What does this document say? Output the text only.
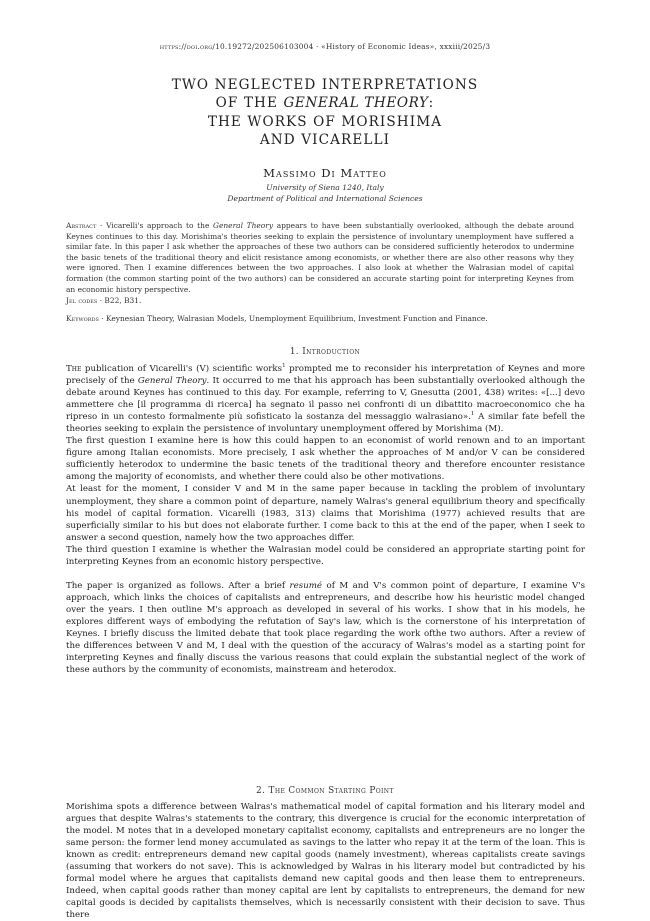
https://doi.org/10.19272/202506103004 · «History of Economic Ideas», xxxiii/2025/3
TWO NEGLECTED INTERPRETATIONS
OF THE GENERAL THEORY:
THE WORKS OF MORISHIMA
AND VICARELLI
Massimo Di Matteo
University of Siena 1240, Italy
Department of Political and International Sciences
Abstract · Vicarelli's approach to the General Theory appears to have been substantially overlooked, although the debate around Keynes continues to this day. Morishima's theories seeking to explain the persistence of involuntary unemployment have suffered a similar fate. In this paper I ask whether the approaches of these two authors can be considered sufficiently heterodox to undermine the basic tenets of the traditional theory and elicit resistance among economists, or whether there are also other reasons why they were ignored. Then I examine differences between the two approaches. I also look at whether the Walrasian model of capital formation (the common starting point of the two authors) can be considered an accurate starting point for interpreting Keynes from an economic history perspective.
Jel codes · B22, B31.
Keywords · Keynesian Theory, Walrasian Models, Unemployment Equilibrium, Investment Function and Finance.
1. Introduction

The publication of Vicarelli's (V) scientific works$^1$ prompted me to reconsider his interpretation of Keynes and more precisely of the General Theory. It occurred to me that his approach has been substantially overlooked although the debate around Keynes has continued to this day. For example, referring to V, Gnesutta (2001, 438) writes: «[...] devo ammettere che [il programma di ricerca] ha segnato il passo nei confronti di un dibattito macroeconomico che ha ripreso in un contesto formalmente più sofisticato la sostanza del messaggio walrasiano».$^1$ A similar fate befell the theories seeking to explain the persistence of involuntary unemployment offered by Morishima (M).

The first question I examine here is how this could happen to an economist of world renown and to an important figure among Italian economists. More precisely, I ask whether the approaches of M and/or V can be considered sufficiently heterodox to undermine the basic tenets of the traditional theory and therefore encounter resistance among the majority of economists, and whether there could also be other motivations.

At least for the moment, I consider V and M in the same paper because in tackling the problem of involuntary unemployment, they share a common point of departure, namely Walras's general equilibrium theory and specifically his model of capital formation. Vicarelli (1983, 313) claims that Morishima (1977) achieved results that are superficially similar to his but does not elaborate further. I come back to this at the end of the paper, when I seek to answer a second question, namely how the two approaches differ.

The third question I examine is whether the Walrasian model could be considered an appropriate starting point for interpreting Keynes from an economic history perspective.

The paper is organized as follows. After a brief resumé of M and V's common point of departure, I examine V's approach, which links the choices of capitalists and entrepreneurs, and describe how his heuristic model changed over the years. I then outline M's approach as developed in several of his works. I show that in his models, he explores different ways of embodying the refutation of Say's law, which is the cornerstone of his interpretation of Keynes. I briefly discuss the limited debate that took place regarding the work ofthe two authors. After a review of the differences between V and M, I deal with the question of the accuracy of Walras's model as a starting point for interpreting Keynes and finally discuss the various reasons that could explain the substantial neglect of the work of these authors by the community of economists, mainstream and heterodox.

2. The Common Starting Point

Morishima spots a difference between Walras's mathematical model of capital formation and his literary model and argues that despite Walras's statements to the contrary, this divergence is crucial for the economic interpretation of the model. M notes that in a developed monetary capitalist economy, capitalists and entrepreneurs are no longer the same person: the former lend money accumulated as savings to the latter who repay it at the term of the loan. This is known as credit: entrepreneurs demand new capital goods (namely investment), whereas capitalists create savings (assuming that workers do not save). This is acknowledged by Walras in his literary model but contradicted by his formal model where he argues that capitalists demand new capital goods and then lease them to entrepreneurs. Indeed, when capital goods rather than money capital are lent by capitalists to entrepreneurs, the demand for new capital goods is decided by capitalists themselves, which is necessarily consistent with their decision to save. Thus there
